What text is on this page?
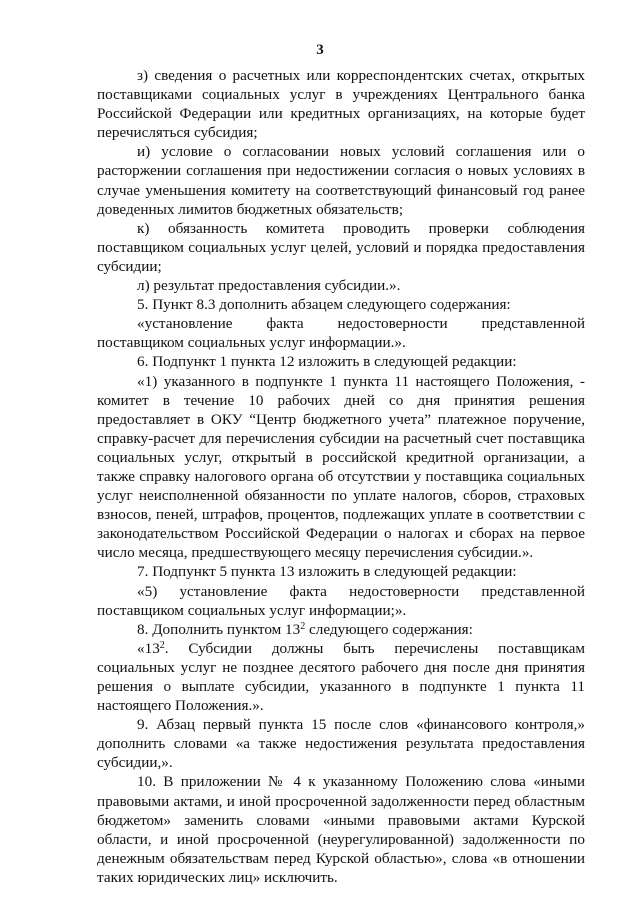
3

з) сведения о расчетных или корреспондентских счетах, открытых поставщиками социальных услуг в учреждениях Центрального банка Российской Федерации или кредитных организациях, на которые будет перечисляться субсидия;

и) условие о согласовании новых условий соглашения или о расторжении соглашения при недостижении согласия о новых условиях в случае уменьшения комитету на соответствующий финансовый год ранее доведенных лимитов бюджетных обязательств;

к) обязанность комитета проводить проверки соблюдения поставщиком социальных услуг целей, условий и порядка предоставления субсидии;

л) результат предоставления субсидии.».

5. Пункт 8.3 дополнить абзацем следующего содержания:

«установление факта недостоверности представленной поставщиком социальных услуг информации.».

6. Подпункт 1 пункта 12 изложить в следующей редакции:

«1) указанного в подпункте 1 пункта 11 настоящего Положения, - комитет в течение 10 рабочих дней со дня принятия решения предоставляет в ОКУ “Центр бюджетного учета” платежное поручение, справку-расчет для перечисления субсидии на расчетный счет поставщика социальных услуг, открытый в российской кредитной организации, а также справку налогового органа об отсутствии у поставщика социальных услуг неисполненной обязанности по уплате налогов, сборов, страховых взносов, пеней, штрафов, процентов, подлежащих уплате в соответствии с законодательством Российской Федерации о налогах и сборах на первое число месяца, предшествующего месяцу перечисления субсидии.».

7. Подпункт 5 пункта 13 изложить в следующей редакции:

«5) установление факта недостоверности представленной поставщиком социальных услуг информации;».

8. Дополнить пунктом $13^2$ следующего содержания:

«$13^2$. Субсидии должны быть перечислены поставщикам социальных услуг не позднее десятого рабочего дня после дня принятия решения о выплате субсидии, указанного в подпункте 1 пункта 11 настоящего Положения.».

9. Абзац первый пункта 15 после слов «финансового контроля,» дополнить словами «а также недостижения результата предоставления субсидии,».

10. В приложении № 4 к указанному Положению слова «иными правовыми актами, и иной просроченной задолженности перед областным бюджетом» заменить словами «иными правовыми актами Курской области, и иной просроченной (неурегулированной) задолженности по денежным обязательствам перед Курской областью», слова «в отношении таких юридических лиц» исключить.
